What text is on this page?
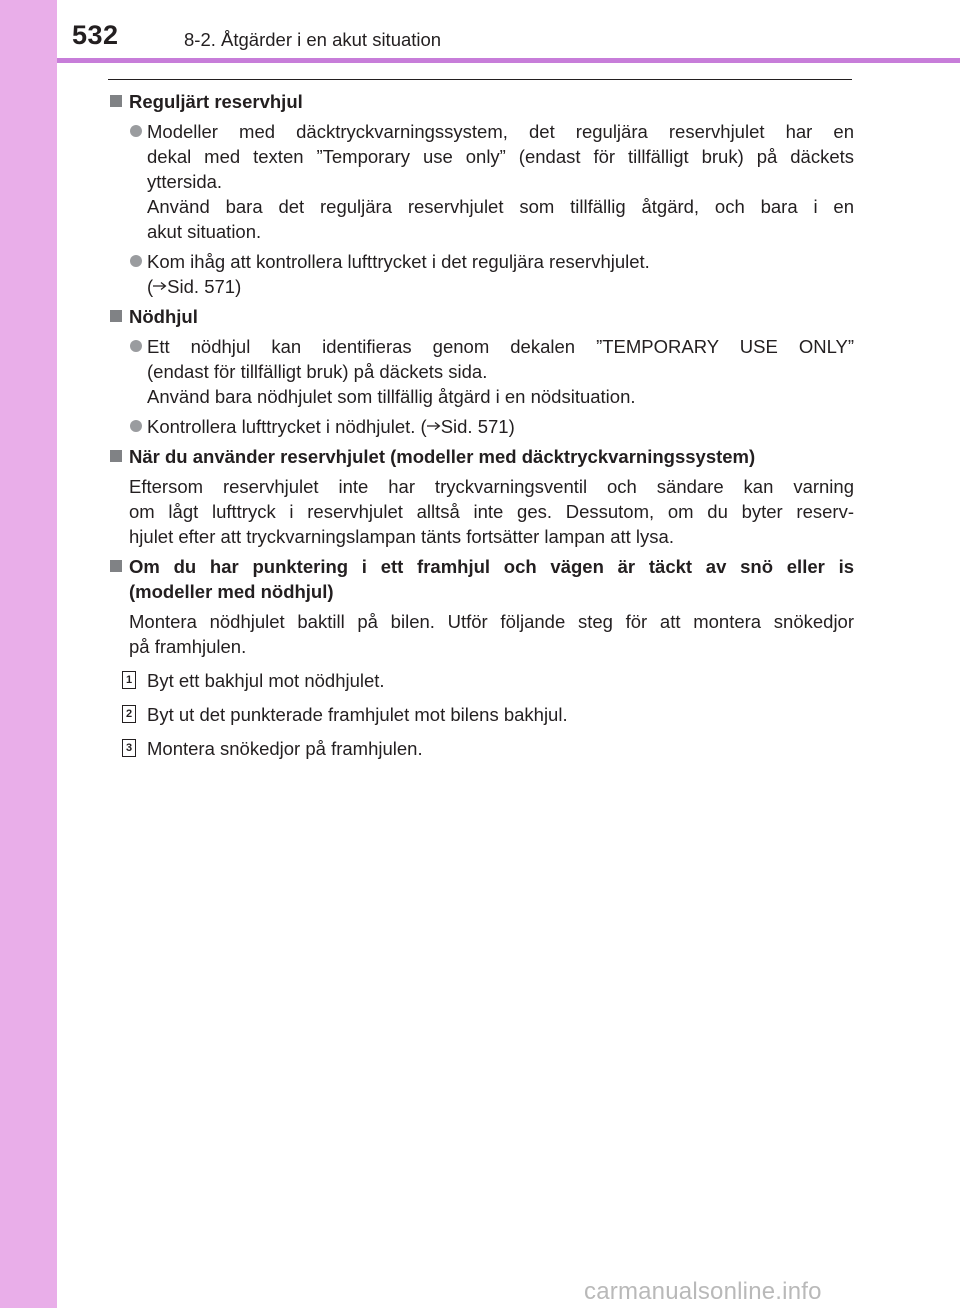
532	8-2. Åtgärder i en akut situation
Reguljärt reservhjul
Modeller med däcktryckvarningssystem, det reguljära reservhjulet har en
dekal med texten ”Temporary use only” (endast för tillfälligt bruk) på däckets
yttersida.
Använd bara det reguljära reservhjulet som tillfällig åtgärd, och bara i en
akut situation.
Kom ihåg att kontrollera lufttrycket i det reguljära reservhjulet.
( Sid. 571)
Nödhjul
Ett nödhjul kan identifieras genom dekalen ”TEMPORARY USE ONLY”
(endast för tillfälligt bruk) på däckets sida.
Använd bara nödhjulet som tillfällig åtgärd i en nödsituation.
Kontrollera lufttrycket i nödhjulet. ( Sid. 571)
När du använder reservhjulet (modeller med däcktryckvarningssystem)
Eftersom reservhjulet inte har tryckvarningsventil och sändare kan varning
om lågt lufttryck i reservhjulet alltså inte ges. Dessutom, om du byter reserv-
hjulet efter att tryckvarningslampan tänts fortsätter lampan att lysa.
Om du har punktering i ett framhjul och vägen är täckt av snö eller is
(modeller med nödhjul)
Montera nödhjulet baktill på bilen. Utför följande steg för att montera snökedjor
på framhjulen.
1 Byt ett bakhjul mot nödhjulet.
2 Byt ut det punkterade framhjulet mot bilens bakhjul.
3 Montera snökedjor på framhjulen.
carmanualsonline.info
